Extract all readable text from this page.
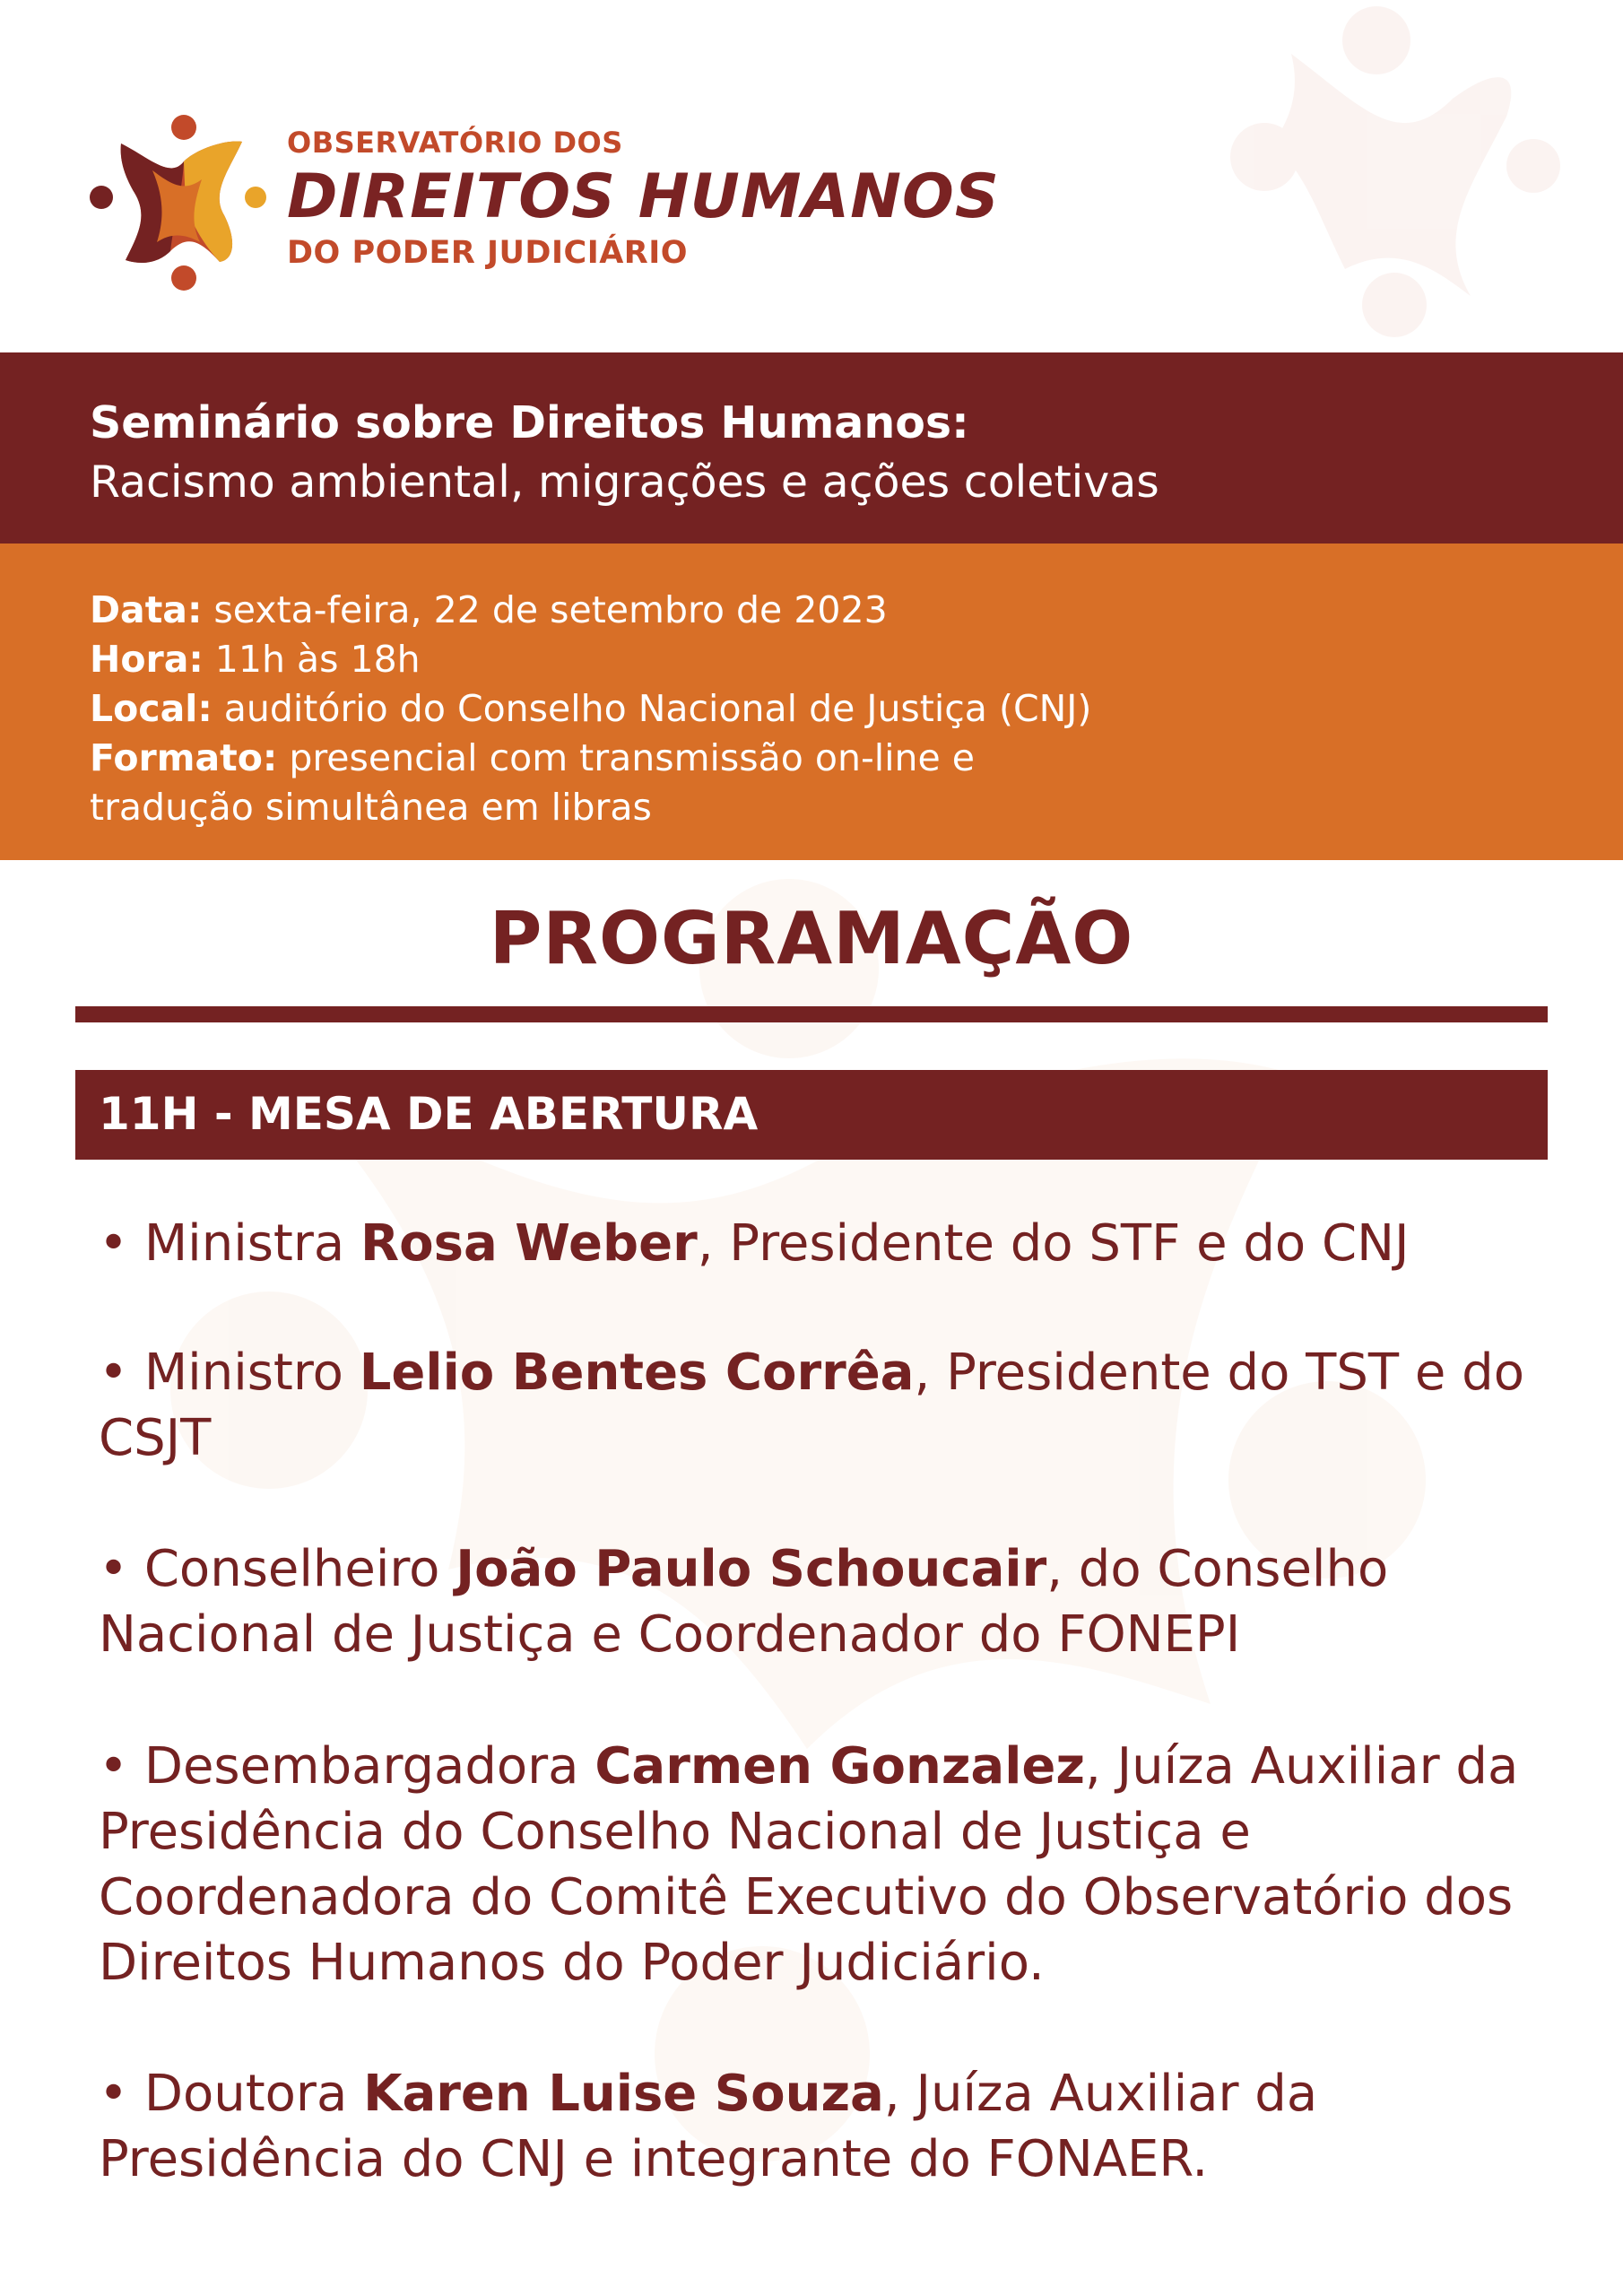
OBSERVATÓRIO DOS
DIREITOS HUMANOS
DO PODER JUDICIÁRIO
Seminário sobre Direitos Humanos:
Racismo ambiental, migrações e ações coletivas
Data: sexta-feira, 22 de setembro de 2023
Hora: 11h às 18h
Local: auditório do Conselho Nacional de Justiça (CNJ)
Formato: presencial com transmissão on-line e
tradução simultânea em libras
PROGRAMAÇÃO
11H - MESA DE ABERTURA
• Ministra Rosa Weber, Presidente do STF e do CNJ
• Ministro Lelio Bentes Corrêa, Presidente do TST e do CSJT
• Conselheiro João Paulo Schoucair, do Conselho Nacional de Justiça e Coordenador do FONEPI
• Desembargadora Carmen Gonzalez, Juíza Auxiliar da Presidência do Conselho Nacional de Justiça e Coordenadora do Comitê Executivo do Observatório dos Direitos Humanos do Poder Judiciário.
• Doutora Karen Luise Souza, Juíza Auxiliar da Presidência do CNJ e integrante do FONAER.
